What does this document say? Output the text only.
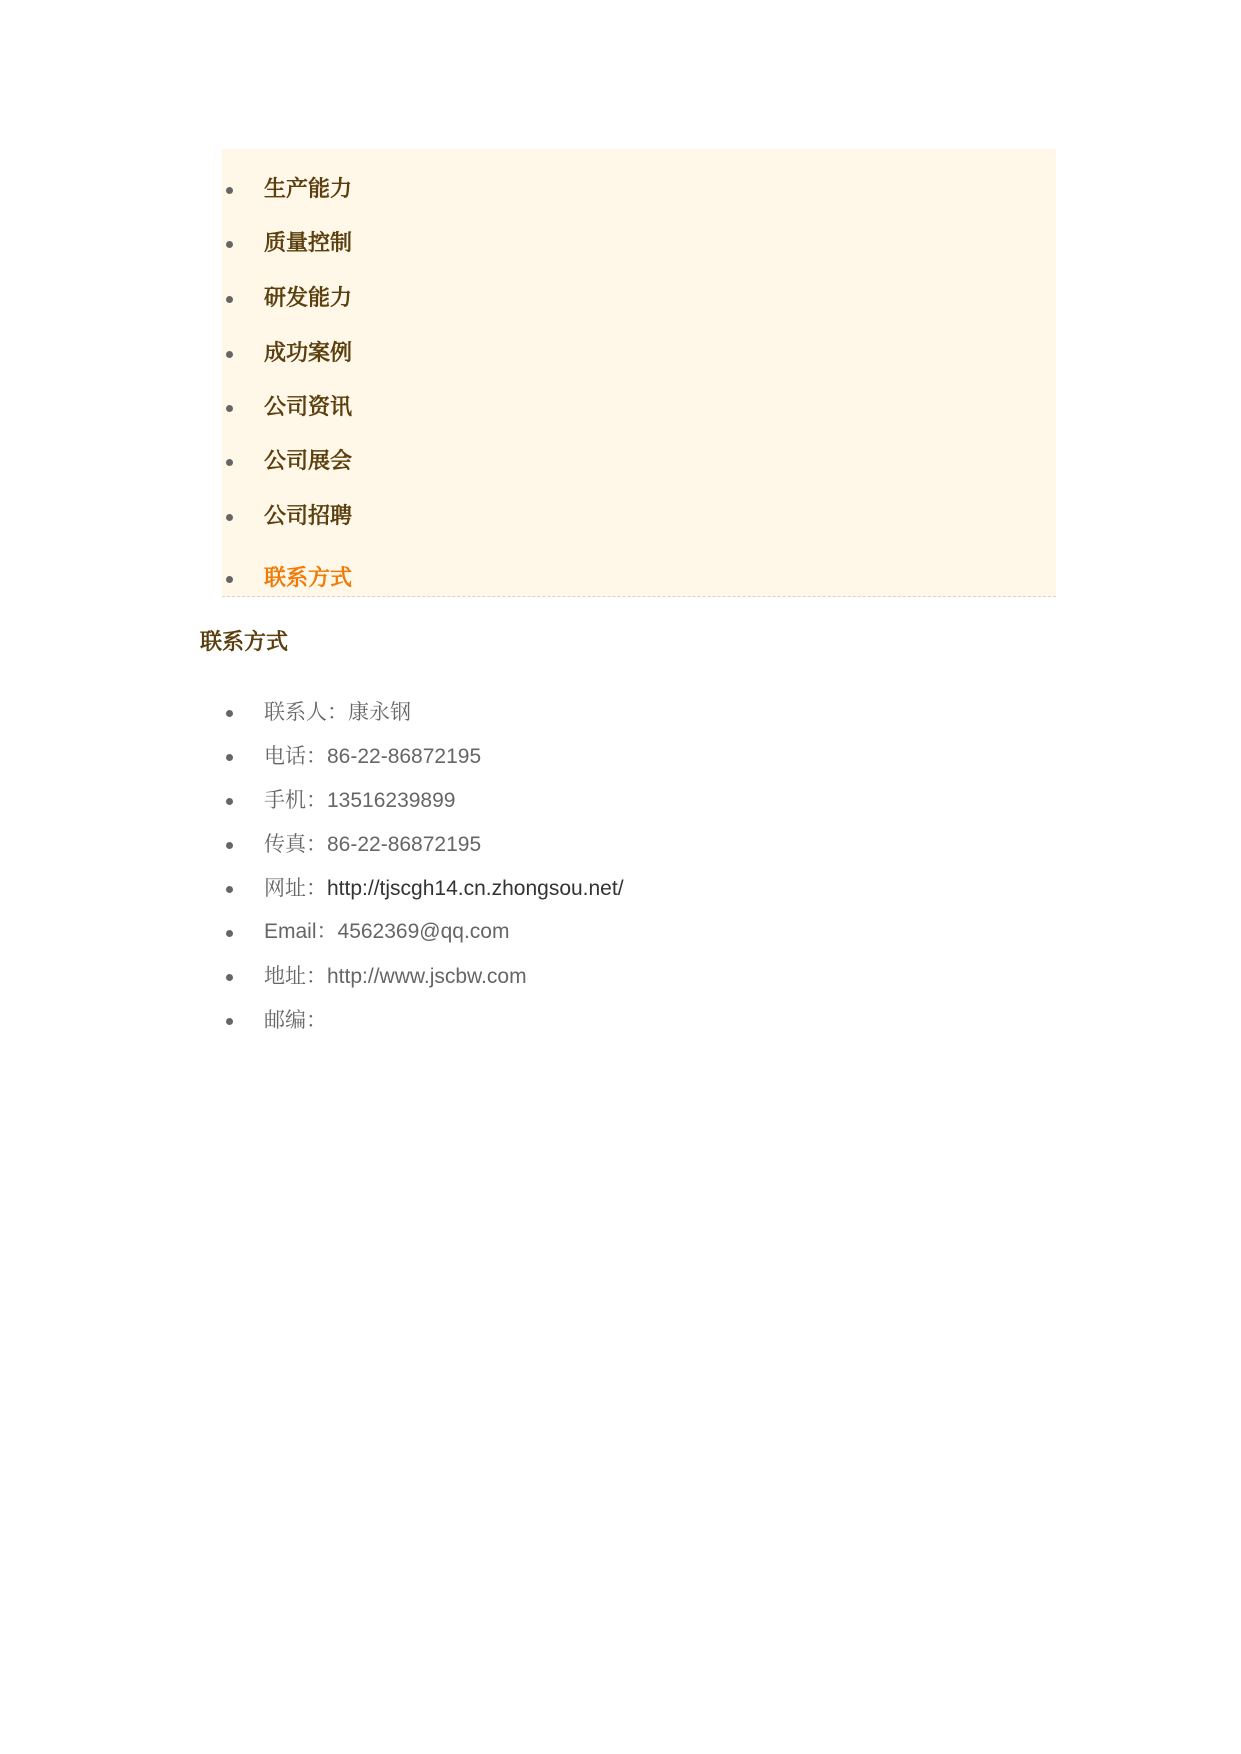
生产能力
质量控制
研发能力
成功案例
公司资讯
公司展会
公司招聘
联系方式
联系方式
联系人：康永钢
电话：86-22-86872195
手机：13516239899
传真：86-22-86872195
网址：http://tjscgh14.cn.zhongsou.net/
Email：4562369@qq.com
地址：http://www.jscbw.com
邮编：
